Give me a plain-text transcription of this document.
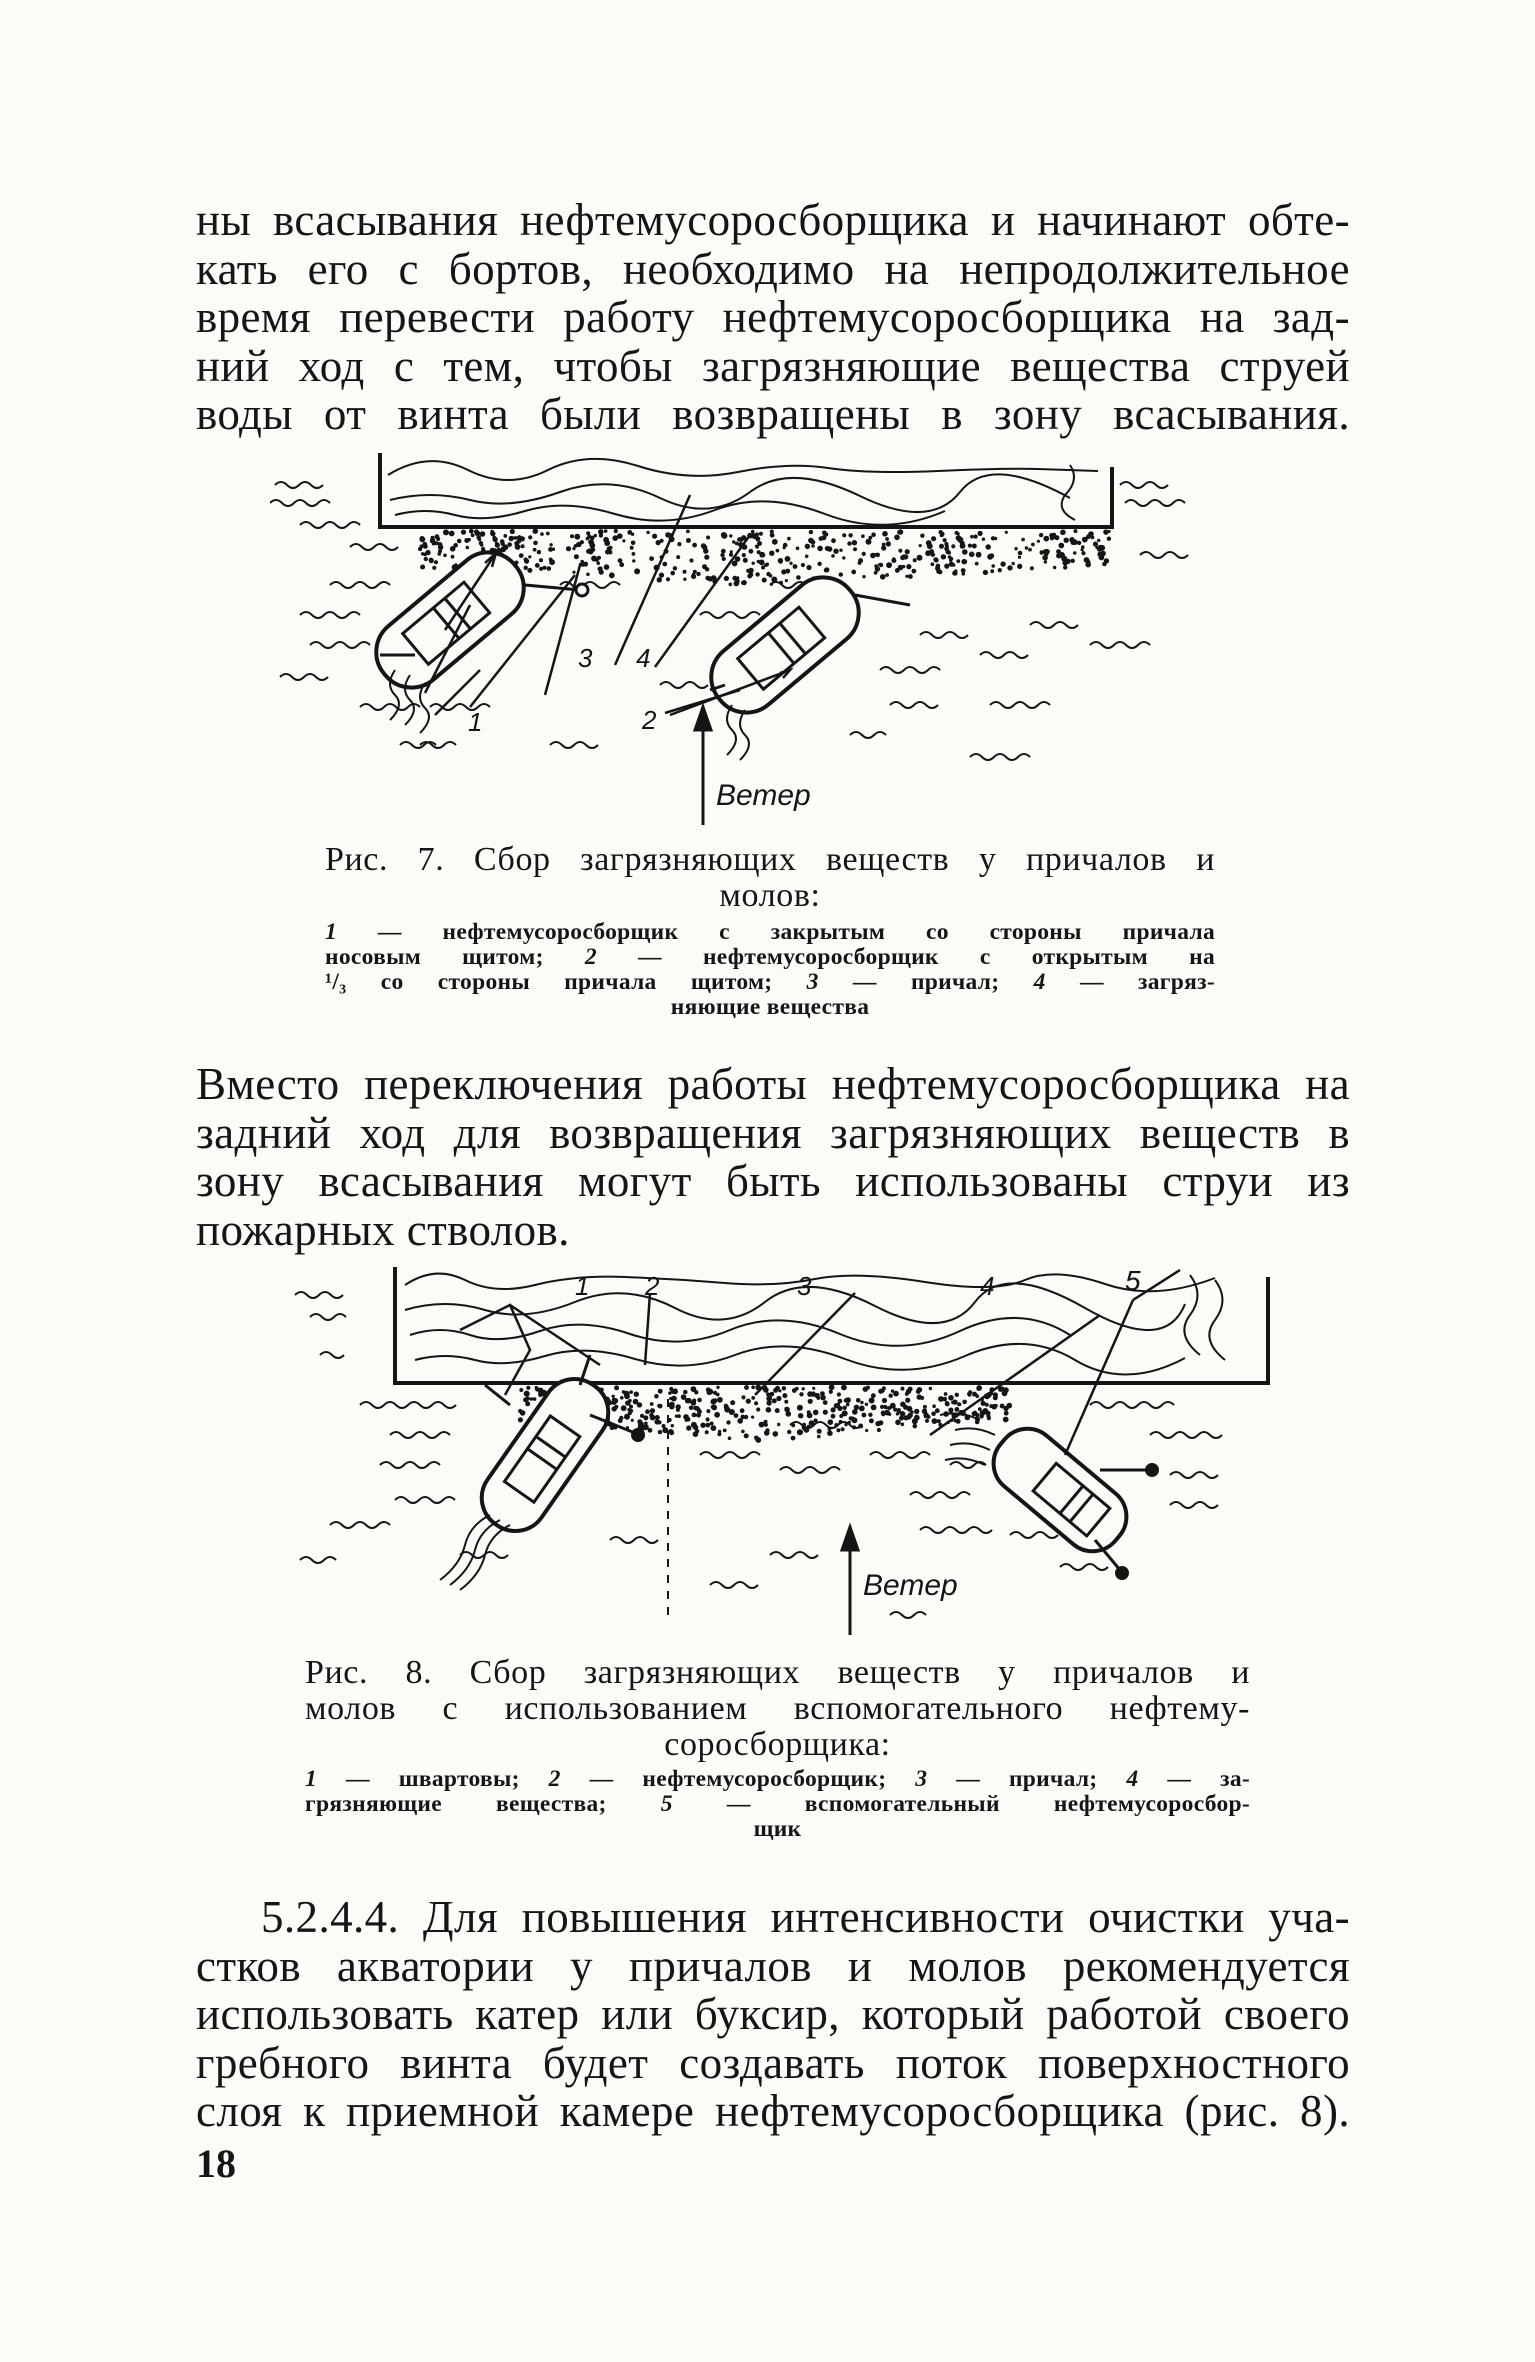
ны всасывания нефтемусоросборщика и начинают обте-
кать его с бортов, необходимо на непродолжительное
время перевести работу нефтемусоросборщика на зад-
ний ход с тем, чтобы загрязняющие вещества струей
воды от винта были возвращены в зону всасывания.
1	2
3 4
Ветер
Рис. 7. Сбор загрязняющих веществ у причалов и
молов:
1 — нефтемусоросборщик с закрытым со стороны причала
носовым щитом; 2 — нефтемусоросборщик с открытым на
¹/₃ со стороны причала щитом; 3 — причал; 4 — загряз-
няющие вещества
Вместо переключения работы нефтемусоросборщика на
задний ход для возвращения загрязняющих веществ в
зону всасывания могут быть использованы струи из
пожарных стволов.
1 2	3	4	5
Ветер
Рис. 8. Сбор загрязняющих веществ у причалов и
молов с использованием вспомогательного нефтему-
соросборщика:
1 — швартовы; 2 — нефтемусоросборщик; 3 — причал; 4 — за-
грязняющие вещества; 5 — вспомогательный нефтемусоросбор-
щик
5.2.4.4. Для повышения интенсивности очистки уча-
стков акватории у причалов и молов рекомендуется
использовать катер или буксир, который работой своего
гребного винта будет создавать поток поверхностного
слоя к приемной камере нефтемусоросборщика (рис. 8).
18
